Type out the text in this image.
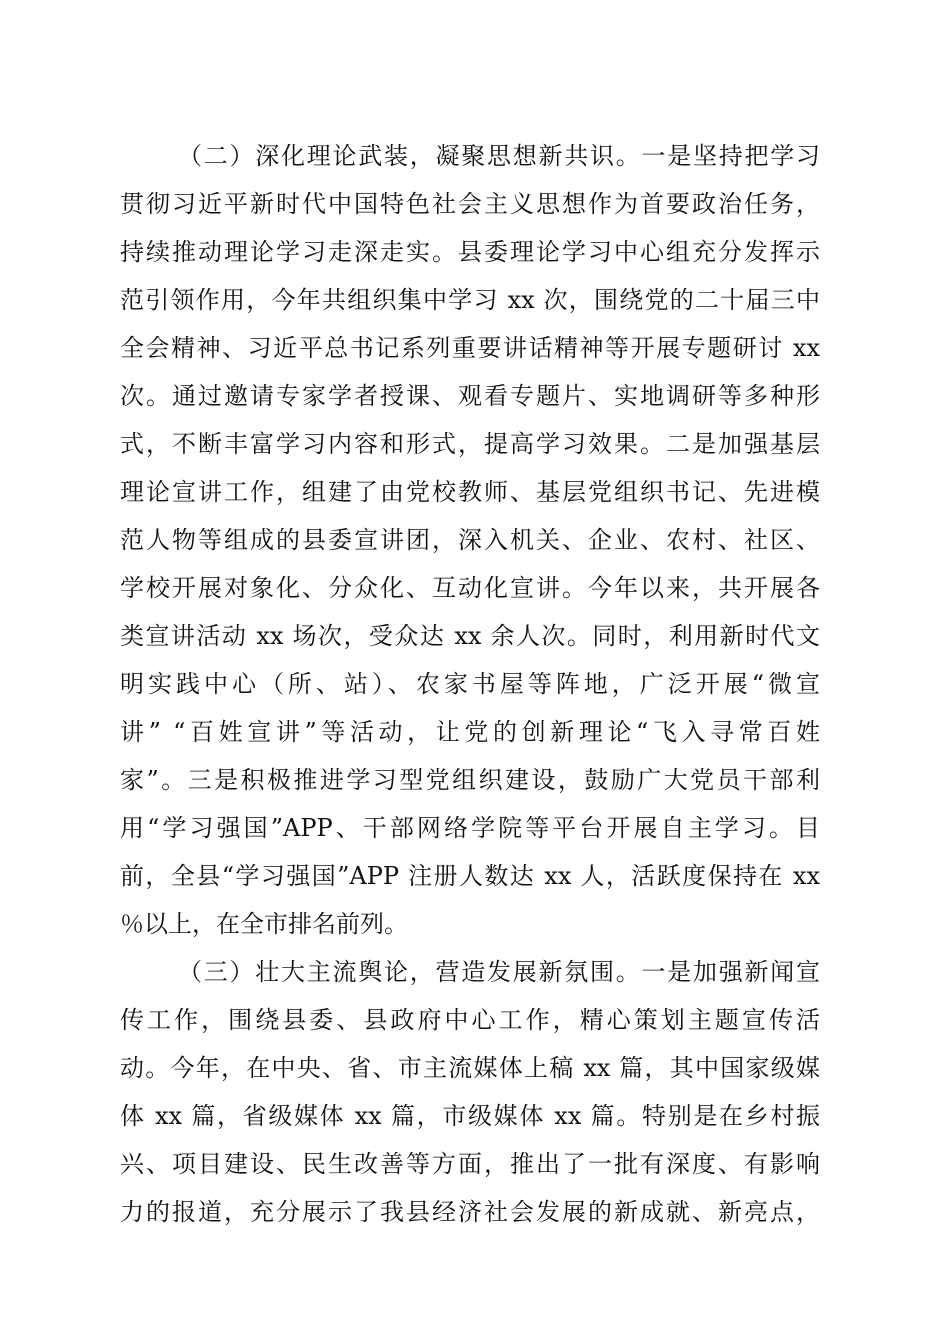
（二）深化理论武装，凝聚思想新共识。一是坚持把学习
贯彻习近平新时代中国特色社会主义思想作为首要政治任务，
持续推动理论学习走深走实。县委理论学习中心组充分发挥示
范引领作用，今年共组织集中学习 xx 次，围绕党的二十届三中
全会精神、习近平总书记系列重要讲话精神等开展专题研讨 xx
次。通过邀请专家学者授课、观看专题片、实地调研等多种形
式，不断丰富学习内容和形式，提高学习效果。二是加强基层
理论宣讲工作，组建了由党校教师、基层党组织书记、先进模
范人物等组成的县委宣讲团，深入机关、企业、农村、社区、
学校开展对象化、分众化、互动化宣讲。今年以来，共开展各
类宣讲活动 xx 场次，受众达 xx 余人次。同时，利用新时代文
明实践中心（所、站）、农家书屋等阵地，广泛开展“微宣
讲” “百姓宣讲”等活动，让党的创新理论“飞入寻常百姓
家”。三是积极推进学习型党组织建设，鼓励广大党员干部利
用“学习强国”APP、干部网络学院等平台开展自主学习。目
前，全县“学习强国”APP 注册人数达 xx 人，活跃度保持在 xx
％以上，在全市排名前列。
（三）壮大主流舆论，营造发展新氛围。一是加强新闻宣
传工作，围绕县委、县政府中心工作，精心策划主题宣传活
动。今年，在中央、省、市主流媒体上稿 xx 篇，其中国家级媒
体 xx 篇，省级媒体 xx 篇，市级媒体 xx 篇。特别是在乡村振
兴、项目建设、民生改善等方面，推出了一批有深度、有影响
力的报道，充分展示了我县经济社会发展的新成就、新亮点，
